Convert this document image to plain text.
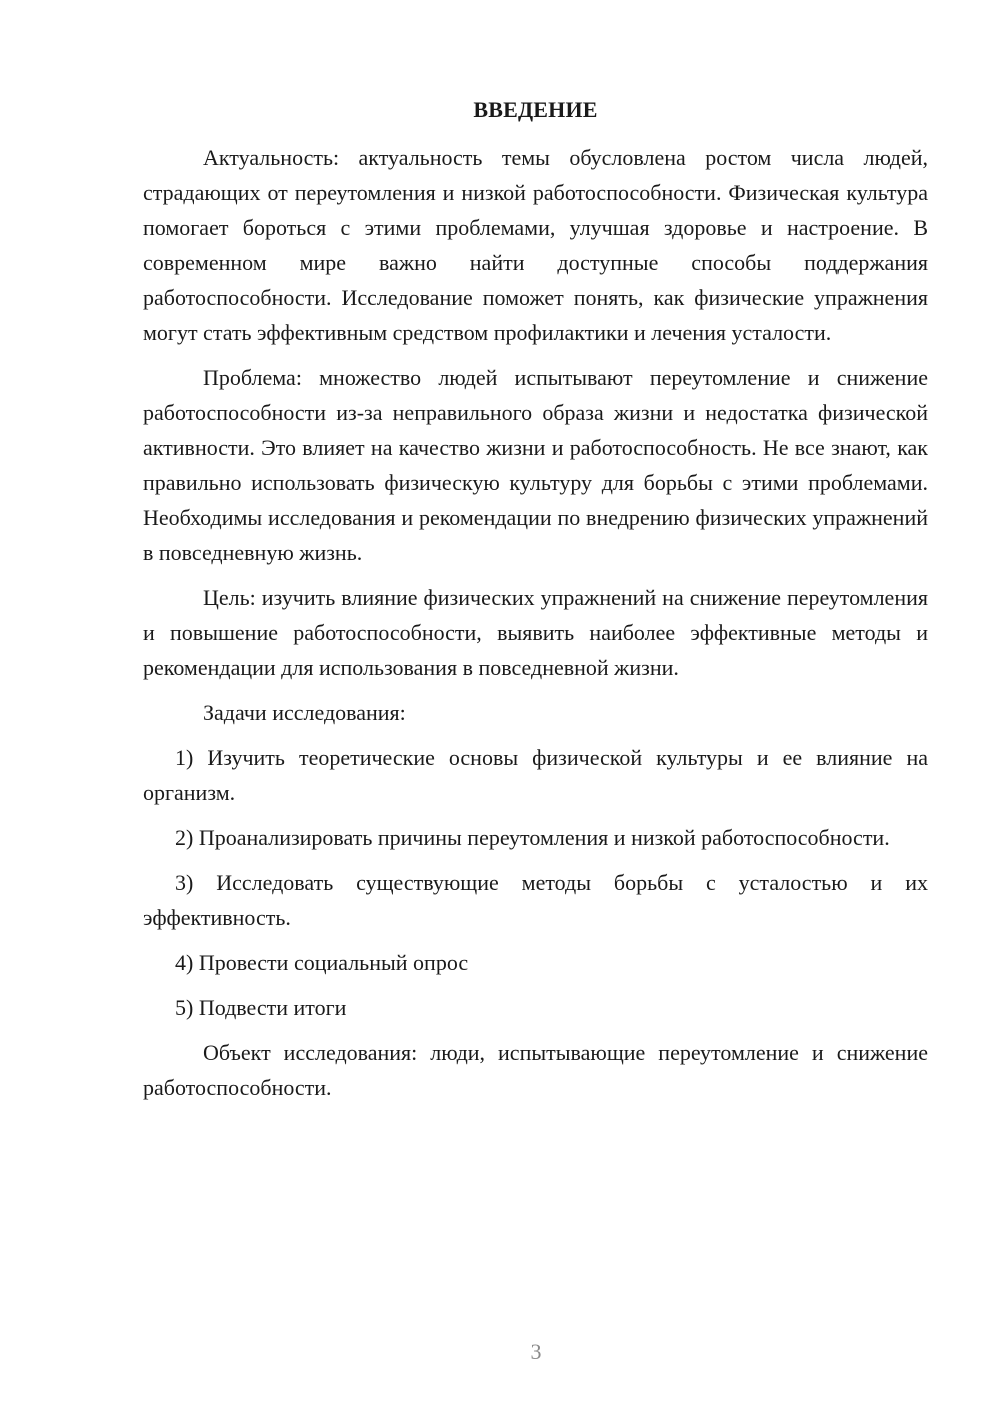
ВВЕДЕНИЕ

Актуальность: актуальность темы обусловлена ростом числа людей, страдающих от переутомления и низкой работоспособности. Физическая культура помогает бороться с этими проблемами, улучшая здоровье и настроение. В современном мире важно найти доступные способы поддержания работоспособности. Исследование поможет понять, как физические упражнения могут стать эффективным средством профилактики и лечения усталости.

Проблема: множество людей испытывают переутомление и снижение работоспособности из-за неправильного образа жизни и недостатка физической активности. Это влияет на качество жизни и работоспособность. Не все знают, как правильно использовать физическую культуру для борьбы с этими проблемами. Необходимы исследования и рекомендации по внедрению физических упражнений в повседневную жизнь.

Цель: изучить влияние физических упражнений на снижение переутомления и повышение работоспособности, выявить наиболее эффективные методы и рекомендации для использования в повседневной жизни.

Задачи исследования:

1) Изучить теоретические основы физической культуры и ее влияние на организм.

2) Проанализировать причины переутомления и низкой работоспособности.

3) Исследовать существующие методы борьбы с усталостью и их эффективность.

4) Провести социальный опрос

5) Подвести итоги

Объект исследования: люди, испытывающие переутомление и снижение работоспособности.

3
